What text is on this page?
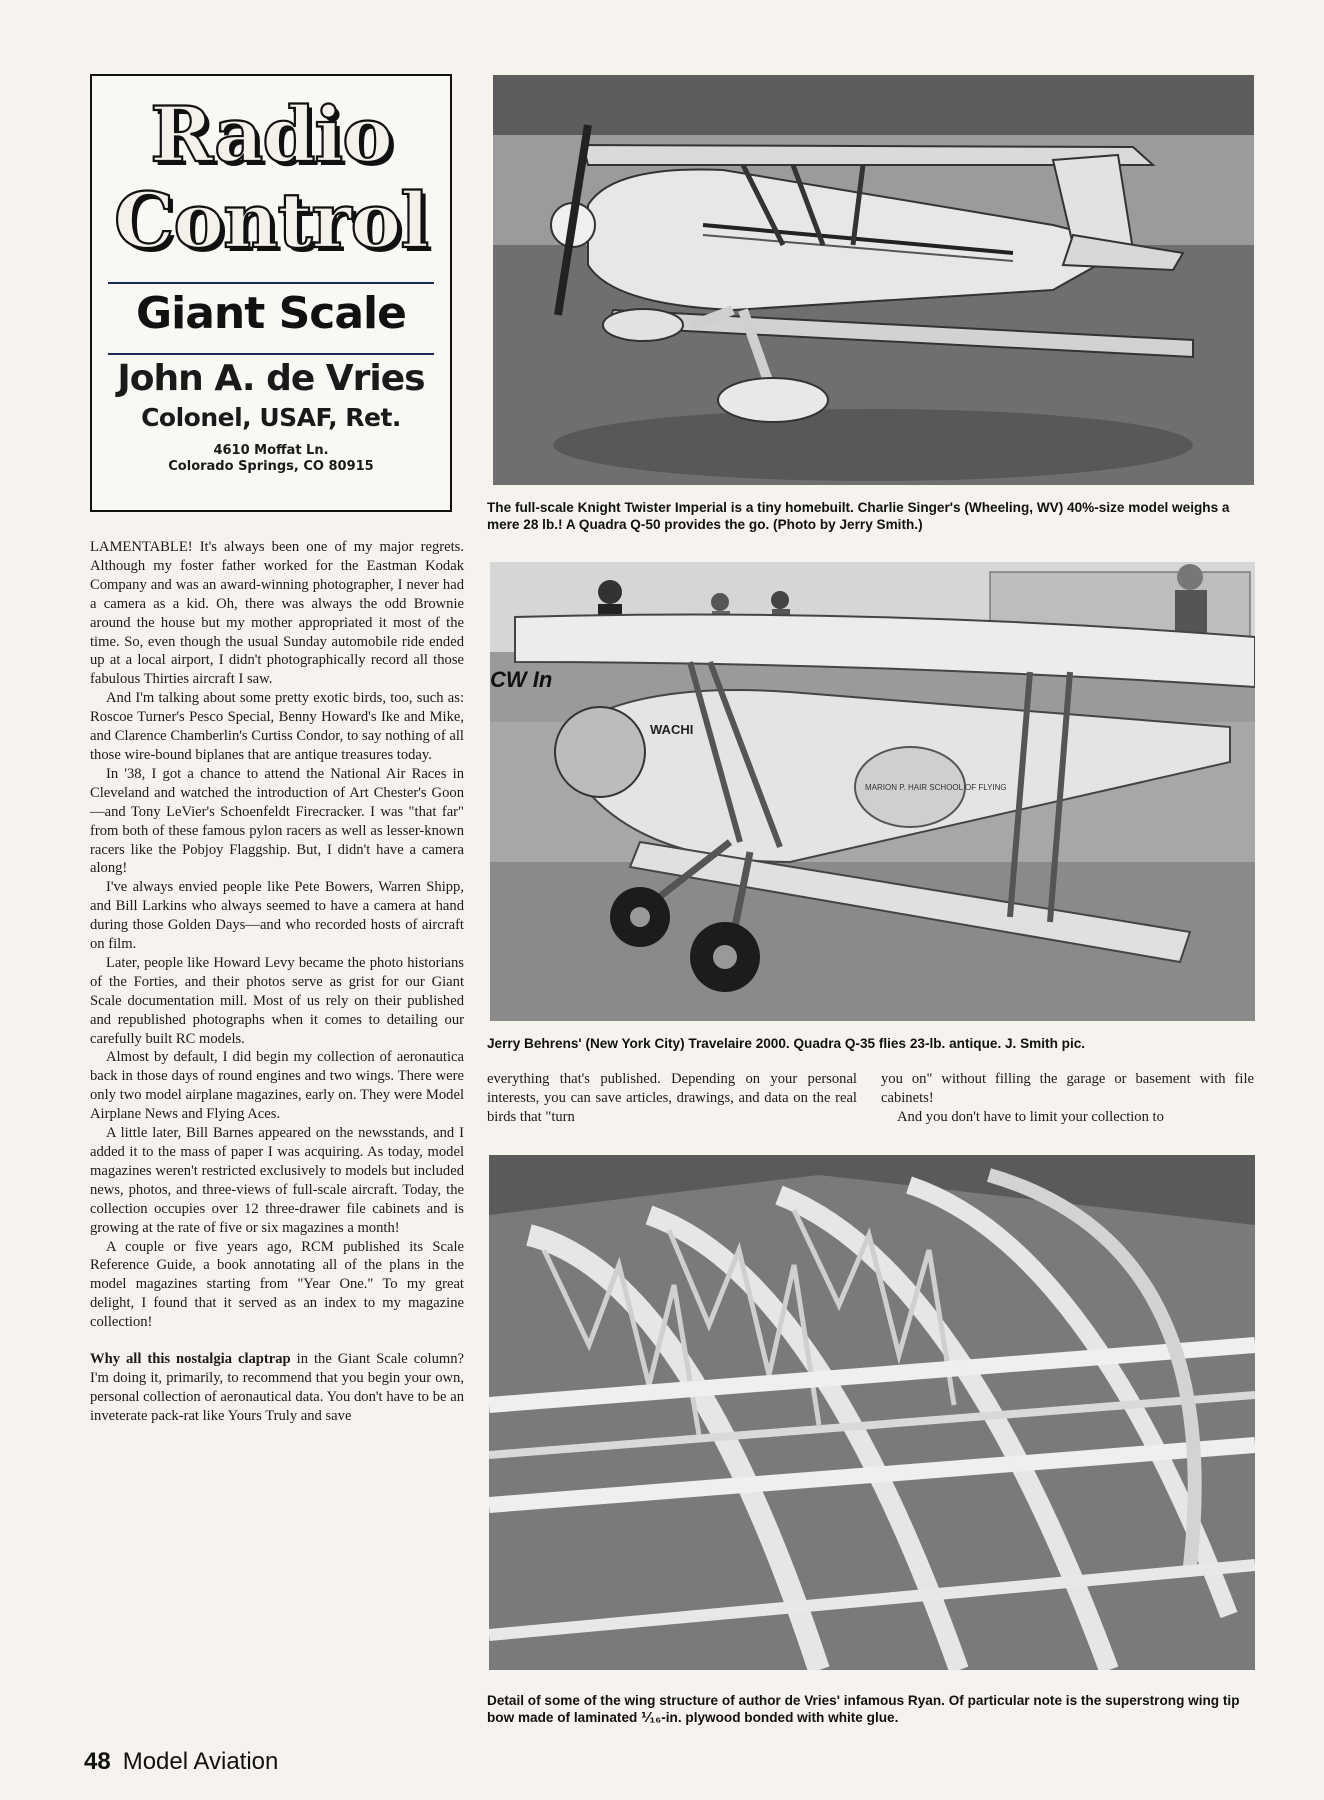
Radio
Control
Giant Scale
John A. de Vries
Colonel, USAF, Ret.
4610 Moffat Ln.
Colorado Springs, CO 80915
The full-scale Knight Twister Imperial is a tiny homebuilt. Charlie Singer's (Wheeling, WV) 40%-size model weighs a mere 28 lb.! A Quadra Q-50 provides the go. (Photo by Jerry Smith.)
WACHI
MARION P. HAIR SCHOOL OF FLYING
CW In
Jerry Behrens' (New York City) Travelaire 2000. Quadra Q-35 flies 23-lb. antique. J. Smith pic.
Detail of some of the wing structure of author de Vries' infamous Ryan. Of particular note is the superstrong wing tip bow made of laminated ⅟₁₆-in. plywood bonded with white glue.

LAMENTABLE! It's always been one of my major regrets. Although my foster father worked for the Eastman Kodak Company and was an award-winning photographer, I never had a camera as a kid. Oh, there was always the odd Brownie around the house but my mother appropriated it most of the time. So, even though the usual Sunday automobile ride ended up at a local airport, I didn't photographically record all those fabulous Thirties aircraft I saw.

And I'm talking about some pretty exotic birds, too, such as: Roscoe Turner's Pesco Special, Benny Howard's Ike and Mike, and Clarence Chamberlin's Curtiss Condor, to say nothing of all those wire-bound biplanes that are antique treasures today.

In '38, I got a chance to attend the National Air Races in Cleveland and watched the introduction of Art Chester's Goon—and Tony LeVier's Schoenfeldt Firecracker. I was "that far" from both of these famous pylon racers as well as lesser-known racers like the Pobjoy Flaggship. But, I didn't have a camera along!

I've always envied people like Pete Bowers, Warren Shipp, and Bill Larkins who always seemed to have a camera at hand during those Golden Days—and who recorded hosts of aircraft on film.

Later, people like Howard Levy became the photo historians of the Forties, and their photos serve as grist for our Giant Scale documentation mill. Most of us rely on their published and republished photographs when it comes to detailing our carefully built RC models.

Almost by default, I did begin my collection of aeronautica back in those days of round engines and two wings. There were only two model airplane magazines, early on. They were Model Airplane News and Flying Aces.

A little later, Bill Barnes appeared on the newsstands, and I added it to the mass of paper I was acquiring. As today, model magazines weren't restricted exclusively to models but included news, photos, and three-views of full-scale aircraft. Today, the collection occupies over 12 three-drawer file cabinets and is growing at the rate of five or six magazines a month!

A couple or five years ago, RCM published its Scale Reference Guide, a book annotating all of the plans in the model magazines starting from "Year One." To my great delight, I found that it served as an index to my magazine collection!

Why all this nostalgia claptrap in the Giant Scale column? I'm doing it, primarily, to recommend that you begin your own, personal collection of aeronautical data. You don't have to be an inveterate pack-rat like Yours Truly and save

everything that's published. Depending on your personal interests, you can save articles, drawings, and data on the real birds that "turn

you on" without filling the garage or basement with file cabinets!

And you don't have to limit your collection to

48 Model Aviation
